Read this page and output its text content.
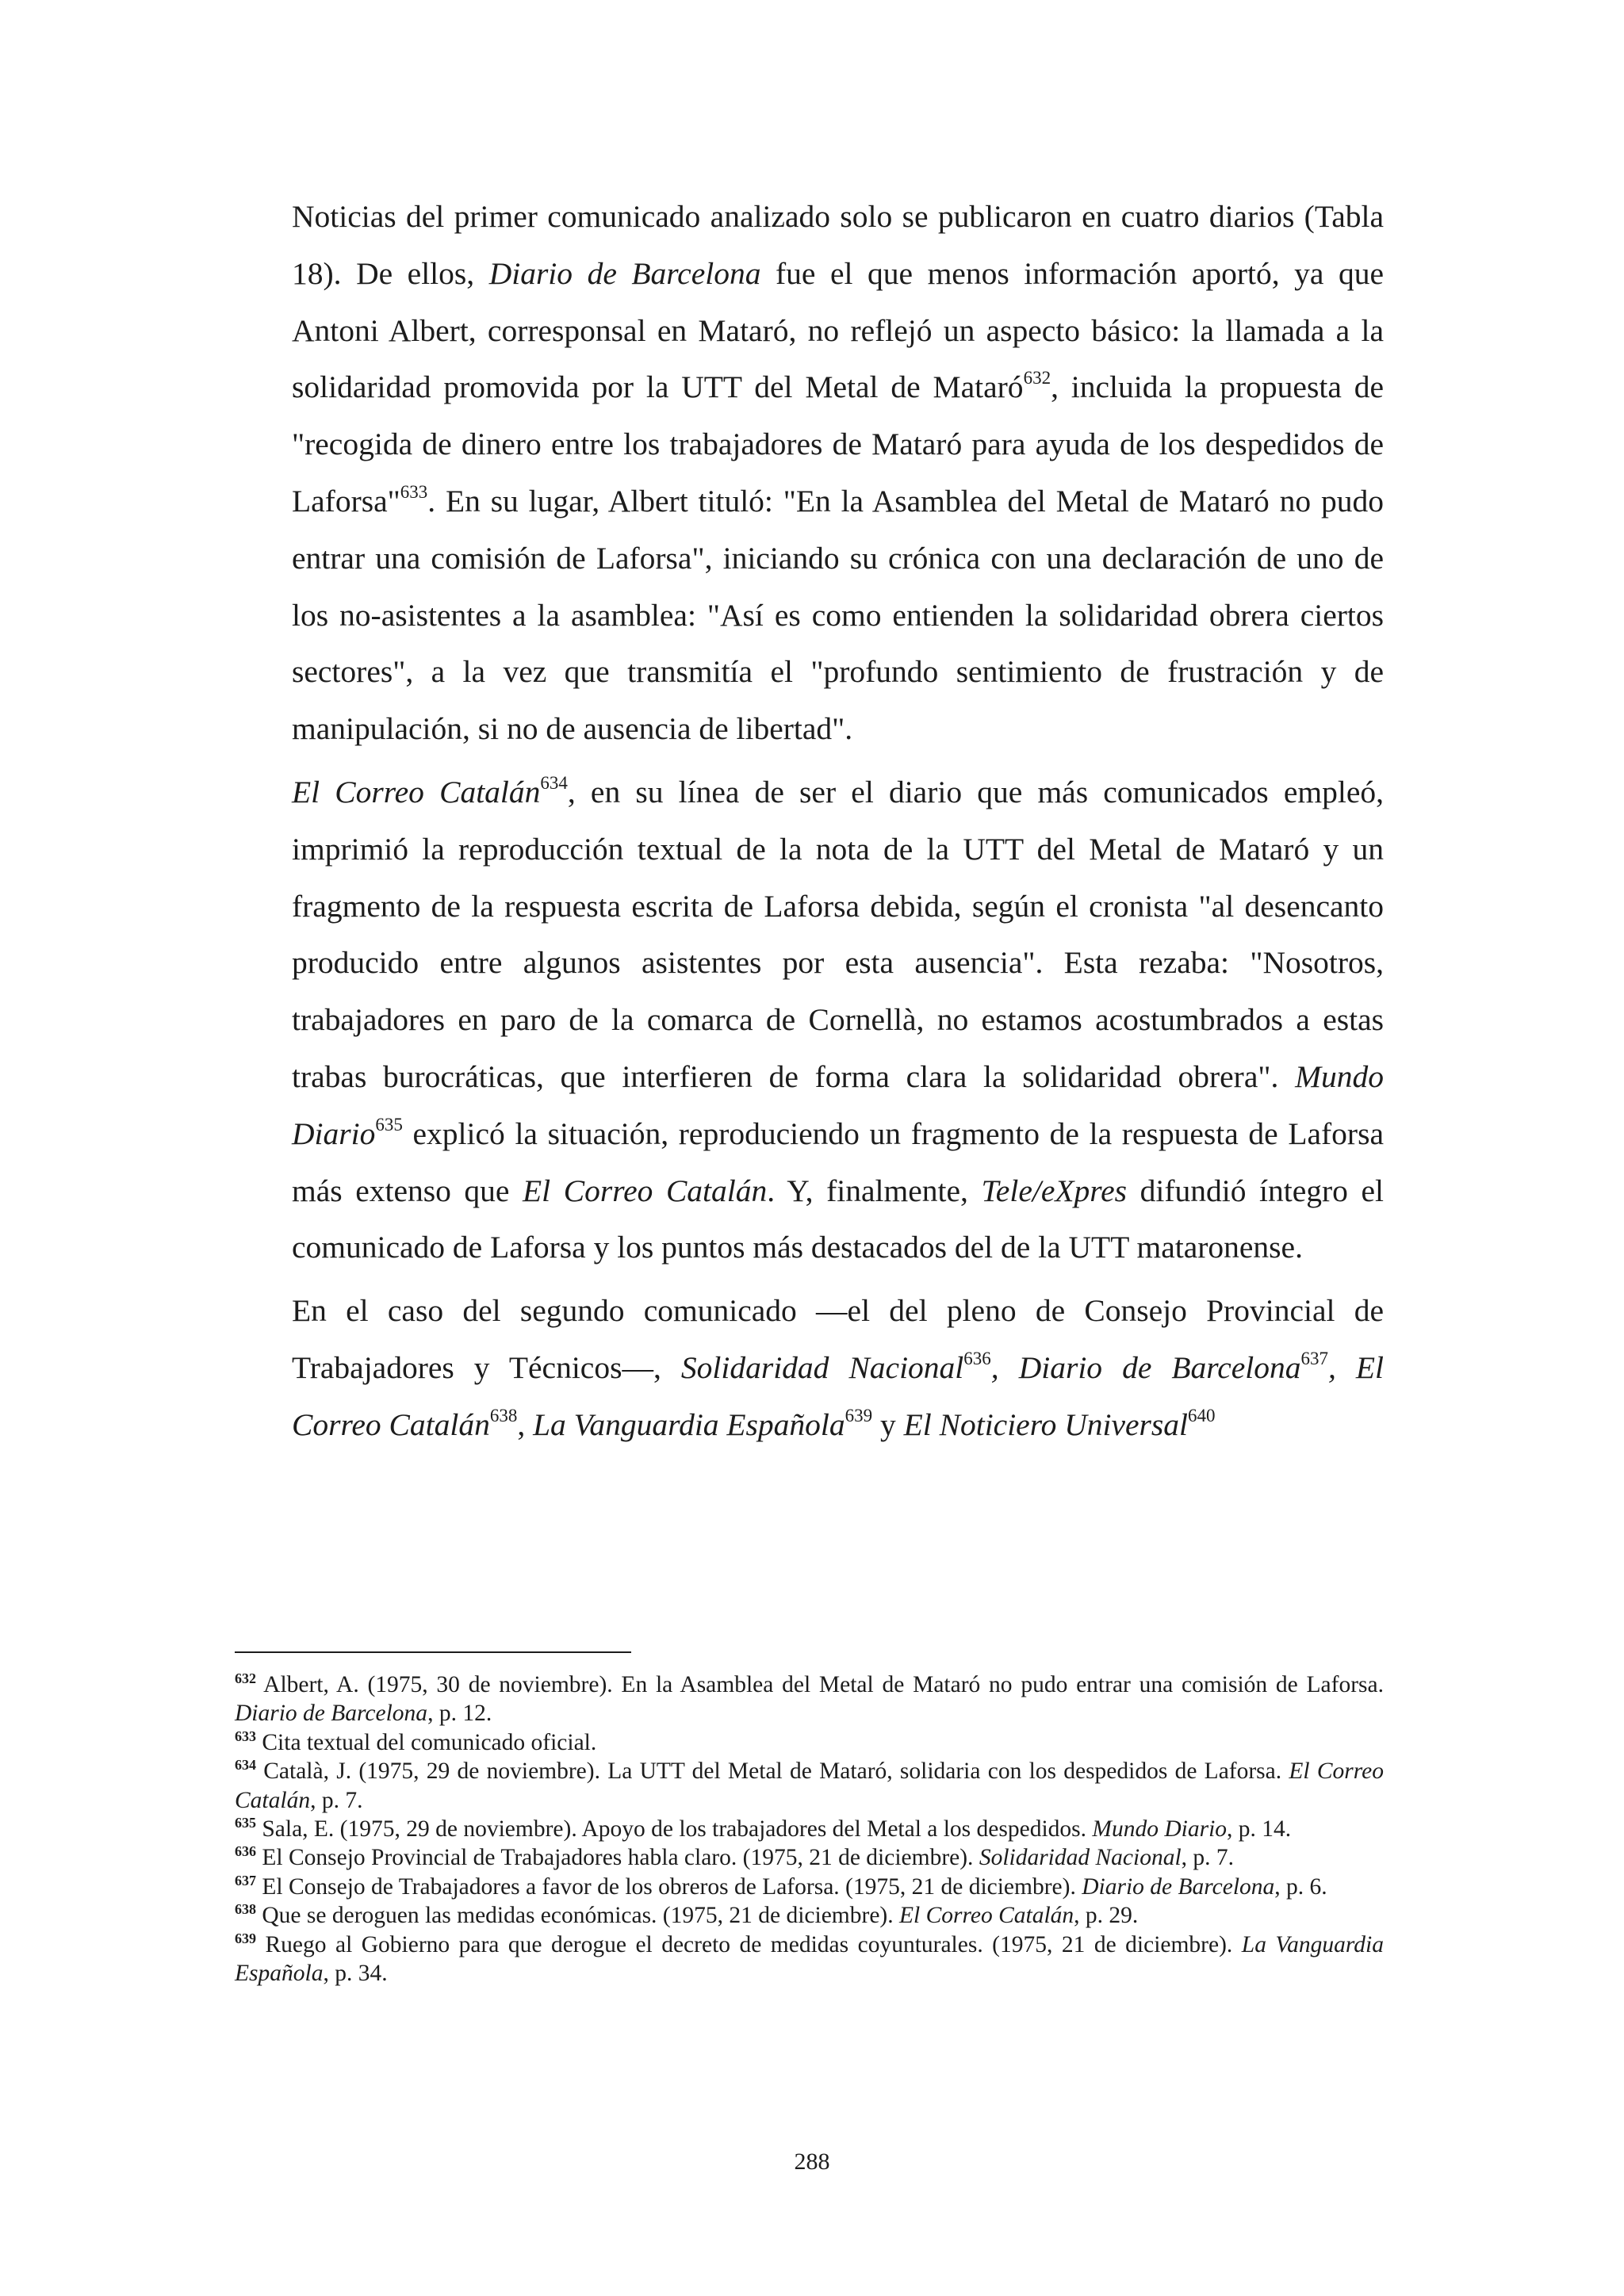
Noticias del primer comunicado analizado solo se publicaron en cuatro diarios (Tabla 18). De ellos, Diario de Barcelona fue el que menos información aportó, ya que Antoni Albert, corresponsal en Mataró, no reflejó un aspecto básico: la llamada a la solidaridad promovida por la UTT del Metal de Mataró$^{632}$, incluida la propuesta de "recogida de dinero entre los trabajadores de Mataró para ayuda de los despedidos de Laforsa"$^{633}$. En su lugar, Albert tituló: "En la Asamblea del Metal de Mataró no pudo entrar una comisión de Laforsa", iniciando su crónica con una declaración de uno de los no-asistentes a la asamblea: "Así es como entienden la solidaridad obrera ciertos sectores", a la vez que transmitía el "profundo sentimiento de frustración y de manipulación, si no de ausencia de libertad".

El Correo Catalán$^{634}$, en su línea de ser el diario que más comunicados empleó, imprimió la reproducción textual de la nota de la UTT del Metal de Mataró y un fragmento de la respuesta escrita de Laforsa debida, según el cronista "al desencanto producido entre algunos asistentes por esta ausencia". Esta rezaba: "Nosotros, trabajadores en paro de la comarca de Cornellà, no estamos acostumbrados a estas trabas burocráticas, que interfieren de forma clara la solidaridad obrera". Mundo Diario$^{635}$ explicó la situación, reproduciendo un fragmento de la respuesta de Laforsa más extenso que El Correo Catalán. Y, finalmente, Tele/eXpres difundió íntegro el comunicado de Laforsa y los puntos más destacados del de la UTT mataronense.

En el caso del segundo comunicado —el del pleno de Consejo Provincial de Trabajadores y Técnicos—, Solidaridad Nacional$^{636}$, Diario de Barcelona$^{637}$, El Correo Catalán$^{638}$, La Vanguardia Española$^{639}$ y El Noticiero Universal$^{640}$

$^{632}$ Albert, A. (1975, 30 de noviembre). En la Asamblea del Metal de Mataró no pudo entrar una comisión de Laforsa. Diario de Barcelona, p. 12.

$^{633}$ Cita textual del comunicado oficial.

$^{634}$ Català, J. (1975, 29 de noviembre). La UTT del Metal de Mataró, solidaria con los despedidos de Laforsa. El Correo Catalán, p. 7.

$^{635}$ Sala, E. (1975, 29 de noviembre). Apoyo de los trabajadores del Metal a los despedidos. Mundo Diario, p. 14.

$^{636}$ El Consejo Provincial de Trabajadores habla claro. (1975, 21 de diciembre). Solidaridad Nacional, p. 7.

$^{637}$ El Consejo de Trabajadores a favor de los obreros de Laforsa. (1975, 21 de diciembre). Diario de Barcelona, p. 6.

$^{638}$ Que se deroguen las medidas económicas. (1975, 21 de diciembre). El Correo Catalán, p. 29.

$^{639}$ Ruego al Gobierno para que derogue el decreto de medidas coyunturales. (1975, 21 de diciembre). La Vanguardia Española, p. 34.

288
